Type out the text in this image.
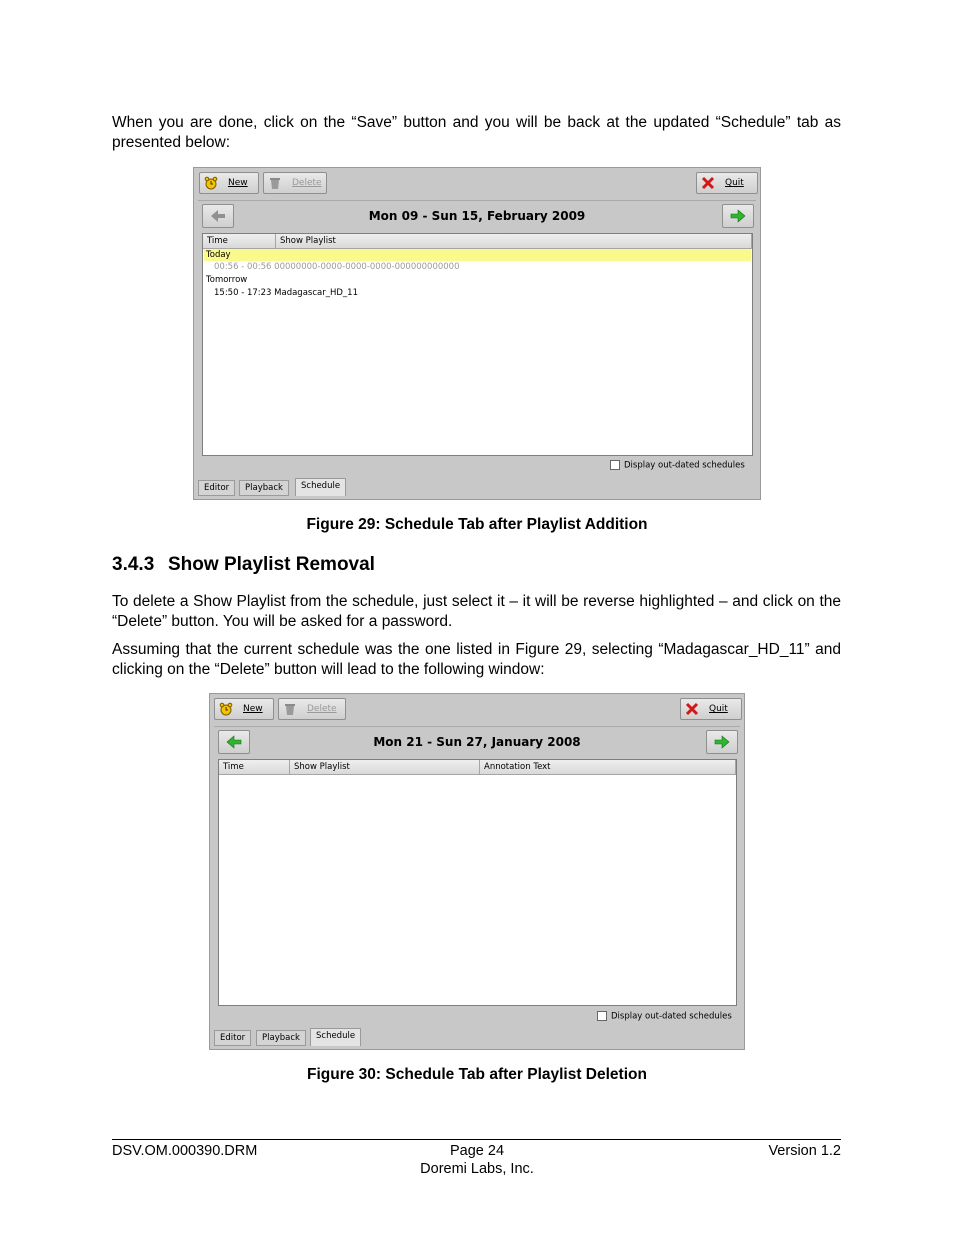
When you are done, click on the “Save” button and you will be back at the updated “Schedule” tab as presented below:
New	Delete	Quit
Mon 09 - Sun 15, February 2009
Time	Show Playlist
Today
00:56 - 00:56 00000000-0000-0000-0000-000000000000
Tomorrow
15:50 - 17:23 Madagascar_HD_11
Display out-dated schedules
Editor	Playback	Schedule
Figure 29: Schedule Tab after Playlist Addition
3.4.3 Show Playlist Removal
To delete a Show Playlist from the schedule, just select it – it will be reverse highlighted – and click on the “Delete” button. You will be asked for a password.
Assuming that the current schedule was the one listed in Figure 29, selecting “Madagascar_HD_11” and clicking on the “Delete” button will lead to the following window:
New	Delete	Quit
Mon 21 - Sun 27, January 2008
Time	Show Playlist	Annotation Text
Display out-dated schedules
Editor	Playback	Schedule
Figure 30: Schedule Tab after Playlist Deletion
DSV.OM.000390.DRM	Page 24
Doremi Labs, Inc.
Version 1.2
